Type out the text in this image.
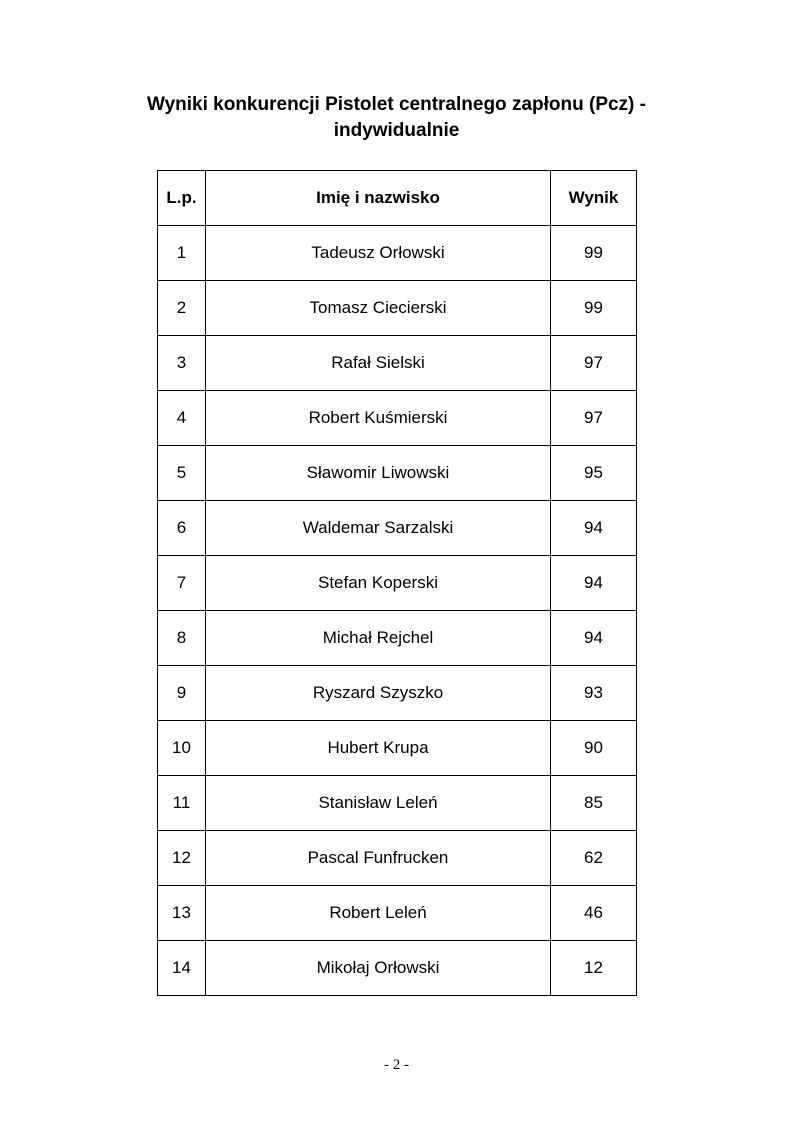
Wyniki konkurencji Pistolet centralnego zapłonu (Pcz) -
indywidualnie
L.p.	Imię i nazwisko	Wynik
1	Tadeusz Orłowski	99
2	Tomasz Ciecierski	99
3	Rafał Sielski	97
4	Robert Kuśmierski	97
5	Sławomir Liwowski	95
6	Waldemar Sarzalski	94
7	Stefan Koperski	94
8	Michał Rejchel	94
9	Ryszard Szyszko	93
10	Hubert Krupa	90
11	Stanisław Leleń	85
12	Pascal Funfrucken	62
13	Robert Leleń	46
14	Mikołaj Orłowski	12
- 2 -
